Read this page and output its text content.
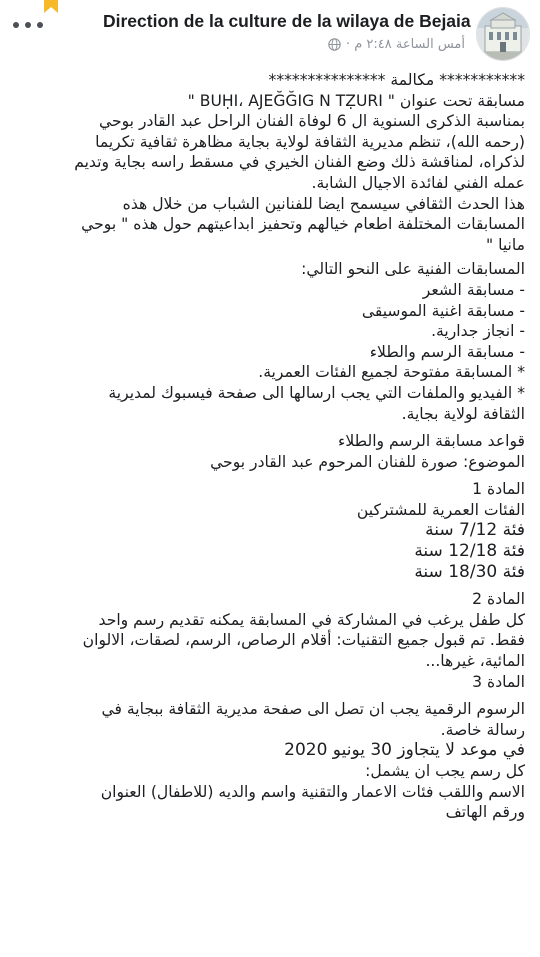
Direction de la culture de la wilaya de Bejaia
أمس الساعة ٢:٤٨ م ·

*********** مكالمة ***************

مسابقة تحت عنوان " BUḤI، AJEĞĞIG N TẒURI "

بمناسبة الذكرى السنوية ال 6 لوفاة الفنان الراحل عبد القادر بوحي

(رحمه الله)، تنظم مديرية الثقافة لولاية بجاية مظاهرة ثقافية تكريما

لذكراه، لمناقشة ذلك وضع الفنان الخيري في مسقط راسه بجاية وتديم

عمله الفني لفائدة الاجيال الشابة.

هذا الحدث الثقافي سيسمح ايضا للفنانين الشباب من خلال هذه

المسابقات المختلفة اطعام خيالهم وتحفيز ابداعيتهم حول هذه " بوحي

مانيا "

المسابقات الفنية على النحو التالي:

- مسابقة الشعر

- مسابقة اغنية الموسيقى

- انجاز جدارية.

- مسابقة الرسم والطلاء

* المسابقة مفتوحة لجميع الفئات العمرية.

* الفيديو والملفات التي يجب ارسالها الى صفحة فيسبوك لمديرية

الثقافة لولاية بجاية.

قواعد مسابقة الرسم والطلاء

الموضوع: صورة للفنان المرحوم عبد القادر بوحي

المادة 1

الفئات العمرية للمشتركين

فئة 7/12 سنة

فئة 12/18 سنة

فئة 18/30 سنة

المادة 2

كل طفل يرغب في المشاركة في المسابقة يمكنه تقديم رسم واحد

فقط. تم قبول جميع التقنيات: أقلام الرصاص، الرسم، لصقات، الالوان

المائية، غيرها...

المادة 3

الرسوم الرقمية يجب ان تصل الى صفحة مديرية الثقافة ببجاية في

رسالة خاصة.

في موعد لا يتجاوز 30 يونيو 2020

كل رسم يجب ان يشمل:

الاسم واللقب فئات الاعمار والتقنية واسم والديه (للاطفال) العنوان

ورقم الهاتف
